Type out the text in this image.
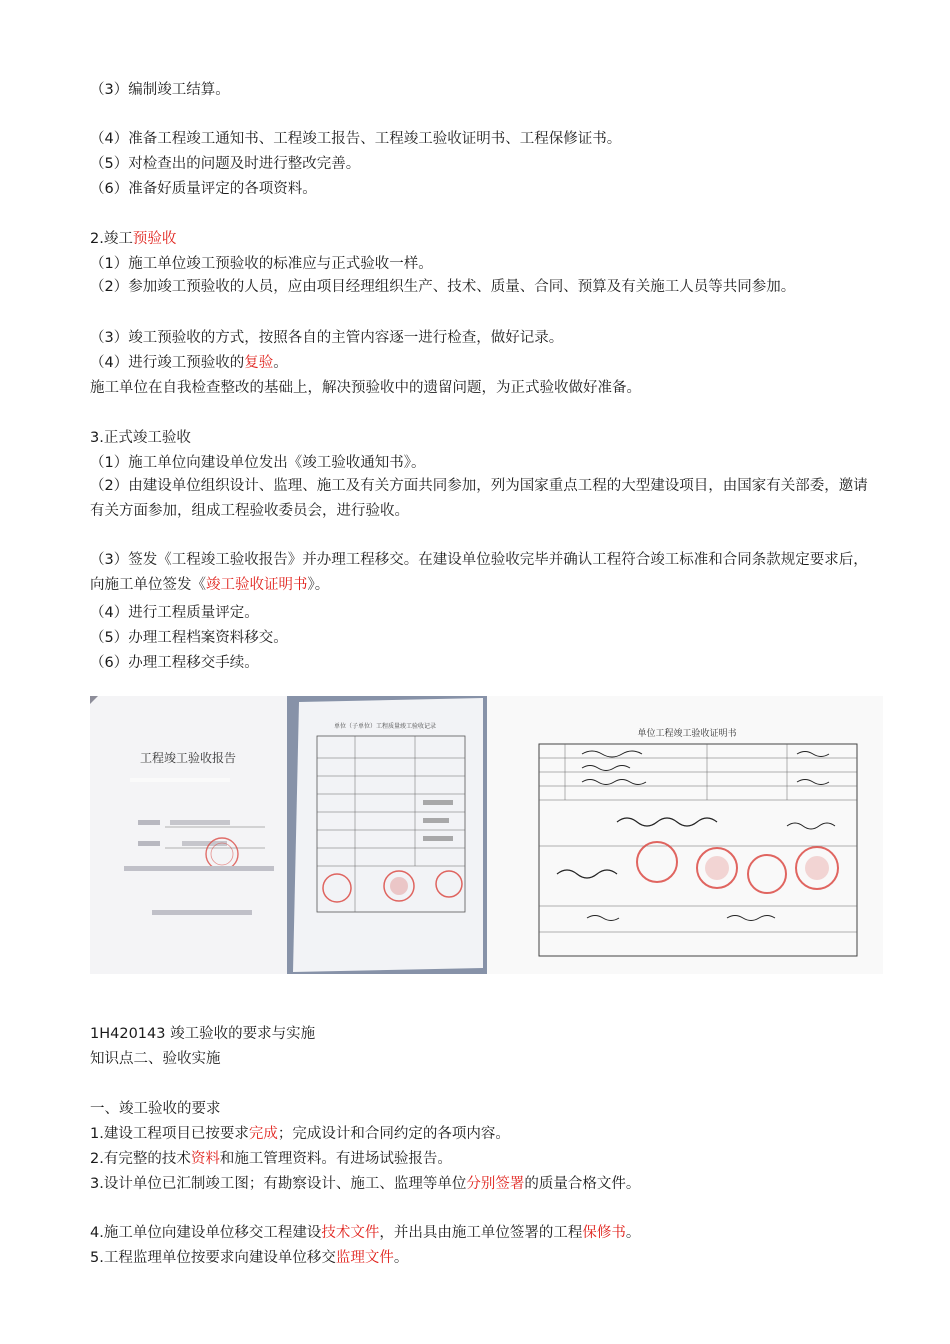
（3）编制竣工结算。
（4）准备工程竣工通知书、工程竣工报告、工程竣工验收证明书、工程保修证书。
（5）对检查出的问题及时进行整改完善。
（6）准备好质量评定的各项资料。
2.竣工预验收
（1）施工单位竣工预验收的标准应与正式验收一样。
（2）参加竣工预验收的人员，应由项目经理组织生产、技术、质量、合同、预算及有关施工人员等共同参加。
（3）竣工预验收的方式，按照各自的主管内容逐一进行检查，做好记录。
（4）进行竣工预验收的复验。
施工单位在自我检查整改的基础上，解决预验收中的遗留问题，为正式验收做好准备。
3.正式竣工验收
（1）施工单位向建设单位发出《竣工验收通知书》。
（2）由建设单位组织设计、监理、施工及有关方面共同参加，列为国家重点工程的大型建设项目，由国家有关部委，邀请有关方面参加，组成工程验收委员会，进行验收。
（3）签发《工程竣工验收报告》并办理工程移交。在建设单位验收完毕并确认工程符合竣工标准和合同条款规定要求后，向施工单位签发《竣工验收证明书》。
（4）进行工程质量评定。
（5）办理工程档案资料移交。
（6）办理工程移交手续。
工程竣工验收报告
单位（子单位）工程质量竣工验收记录
单位工程竣工验收证明书
1H420143 竣工验收的要求与实施
知识点二、验收实施
一、竣工验收的要求
1.建设工程项目已按要求完成；完成设计和合同约定的各项内容。
2.有完整的技术资料和施工管理资料。有进场试验报告。
3.设计单位已汇制竣工图；有勘察设计、施工、监理等单位分别签署的质量合格文件。
4.施工单位向建设单位移交工程建设技术文件，并出具由施工单位签署的工程保修书。
5.工程监理单位按要求向建设单位移交监理文件。
